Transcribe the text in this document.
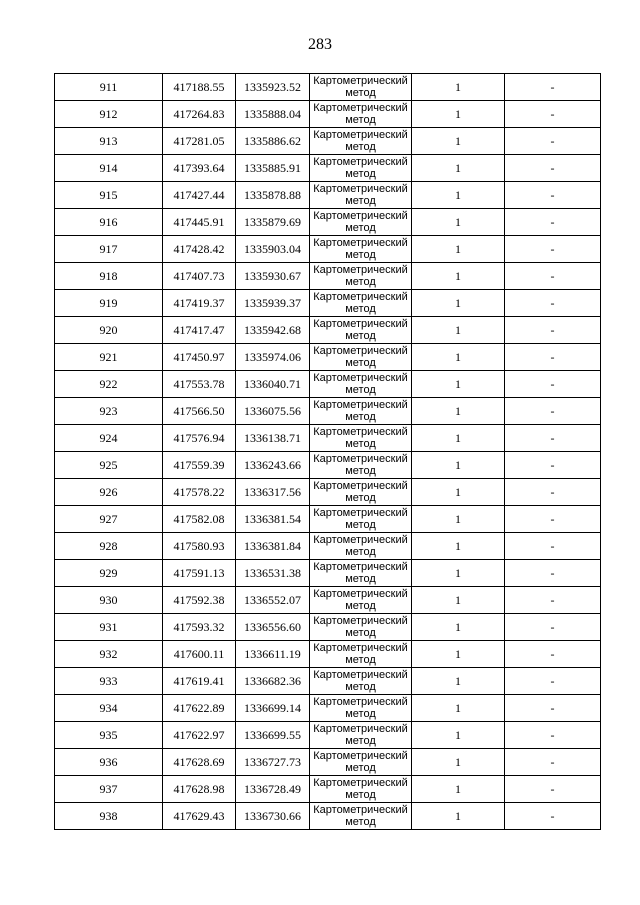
283
911	417188.55	1335923.52	Картометрический
метод	1	-
912	417264.83	1335888.04	Картометрический
метод	1	-
913	417281.05	1335886.62	Картометрический
метод	1	-
914	417393.64	1335885.91	Картометрический
метод	1	-
915	417427.44	1335878.88	Картометрический
метод	1	-
916	417445.91	1335879.69	Картометрический
метод	1	-
917	417428.42	1335903.04	Картометрический
метод	1	-
918	417407.73	1335930.67	Картометрический
метод	1	-
919	417419.37	1335939.37	Картометрический
метод	1	-
920	417417.47	1335942.68	Картометрический
метод	1	-
921	417450.97	1335974.06	Картометрический
метод	1	-
922	417553.78	1336040.71	Картометрический
метод	1	-
923	417566.50	1336075.56	Картометрический
метод	1	-
924	417576.94	1336138.71	Картометрический
метод	1	-
925	417559.39	1336243.66	Картометрический
метод	1	-
926	417578.22	1336317.56	Картометрический
метод	1	-
927	417582.08	1336381.54	Картометрический
метод	1	-
928	417580.93	1336381.84	Картометрический
метод	1	-
929	417591.13	1336531.38	Картометрический
метод	1	-
930	417592.38	1336552.07	Картометрический
метод	1	-
931	417593.32	1336556.60	Картометрический
метод	1	-
932	417600.11	1336611.19	Картометрический
метод	1	-
933	417619.41	1336682.36	Картометрический
метод	1	-
934	417622.89	1336699.14	Картометрический
метод	1	-
935	417622.97	1336699.55	Картометрический
метод	1	-
936	417628.69	1336727.73	Картометрический
метод	1	-
937	417628.98	1336728.49	Картометрический
метод	1	-
938	417629.43	1336730.66	Картометрический
метод	1	-
